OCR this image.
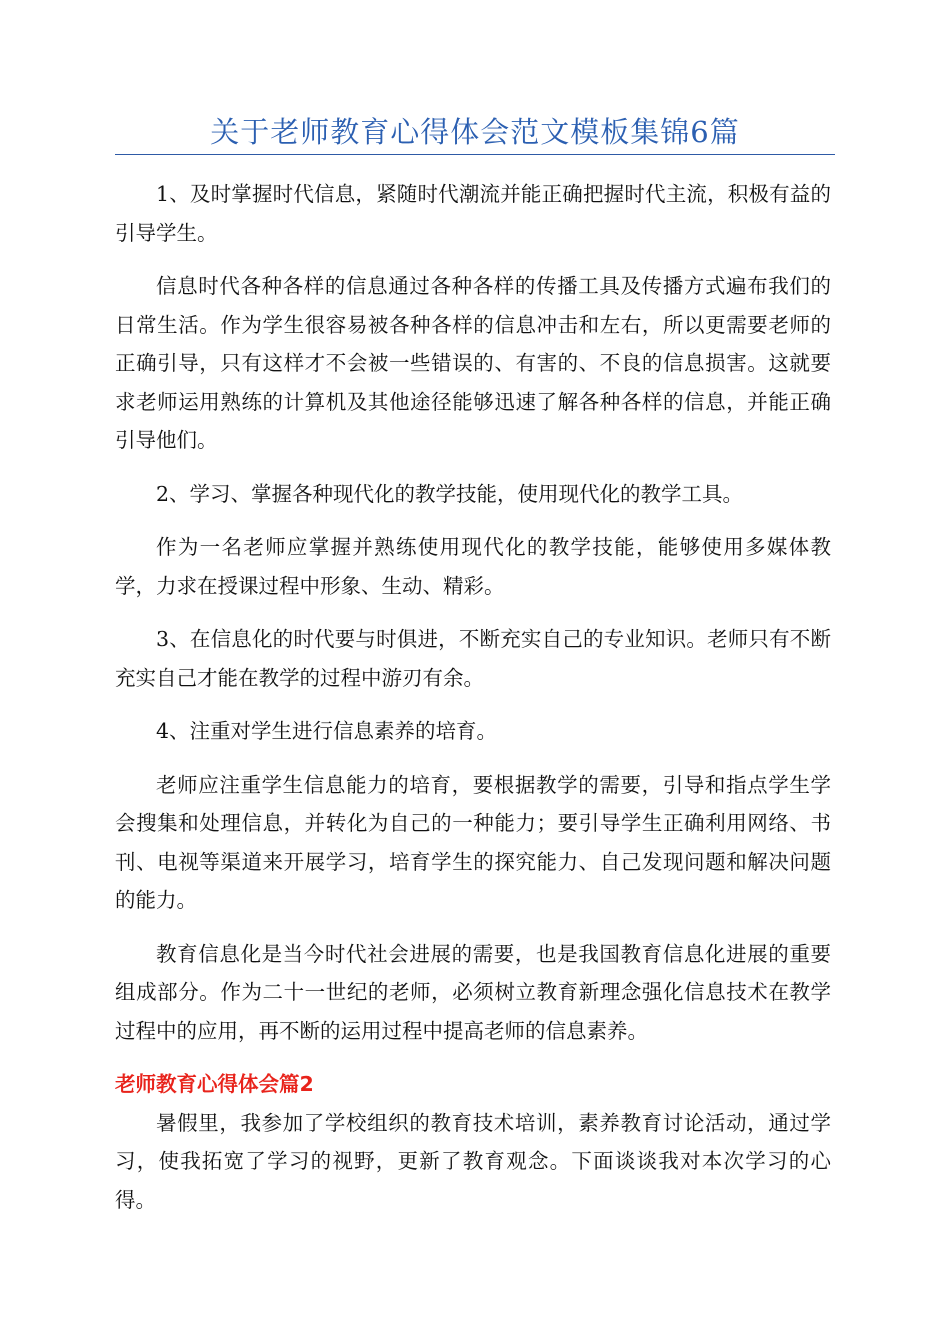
关于老师教育心得体会范文模板集锦6篇

1、及时掌握时代信息，紧随时代潮流并能正确把握时代主流，积极有益的引导学生。

信息时代各种各样的信息通过各种各样的传播工具及传播方式遍布我们的日常生活。作为学生很容易被各种各样的信息冲击和左右，所以更需要老师的正确引导，只有这样才不会被一些错误的、有害的、不良的信息损害。这就要求老师运用熟练的计算机及其他途径能够迅速了解各种各样的信息，并能正确引导他们。

2、学习、掌握各种现代化的教学技能，使用现代化的教学工具。

作为一名老师应掌握并熟练使用现代化的教学技能，能够使用多媒体教学，力求在授课过程中形象、生动、精彩。

3、在信息化的时代要与时俱进，不断充实自己的专业知识。老师只有不断充实自己才能在教学的过程中游刃有余。

4、注重对学生进行信息素养的培育。

老师应注重学生信息能力的培育，要根据教学的需要，引导和指点学生学会搜集和处理信息，并转化为自己的一种能力；要引导学生正确利用网络、书刊、电视等渠道来开展学习，培育学生的探究能力、自己发现问题和解决问题的能力。

教育信息化是当今时代社会进展的需要，也是我国教育信息化进展的重要组成部分。作为二十一世纪的老师，必须树立教育新理念强化信息技术在教学过程中的应用，再不断的运用过程中提高老师的信息素养。

老师教育心得体会篇2

暑假里，我参加了学校组织的教育技术培训，素养教育讨论活动，通过学习，使我拓宽了学习的视野，更新了教育观念。下面谈谈我对本次学习的心得。
